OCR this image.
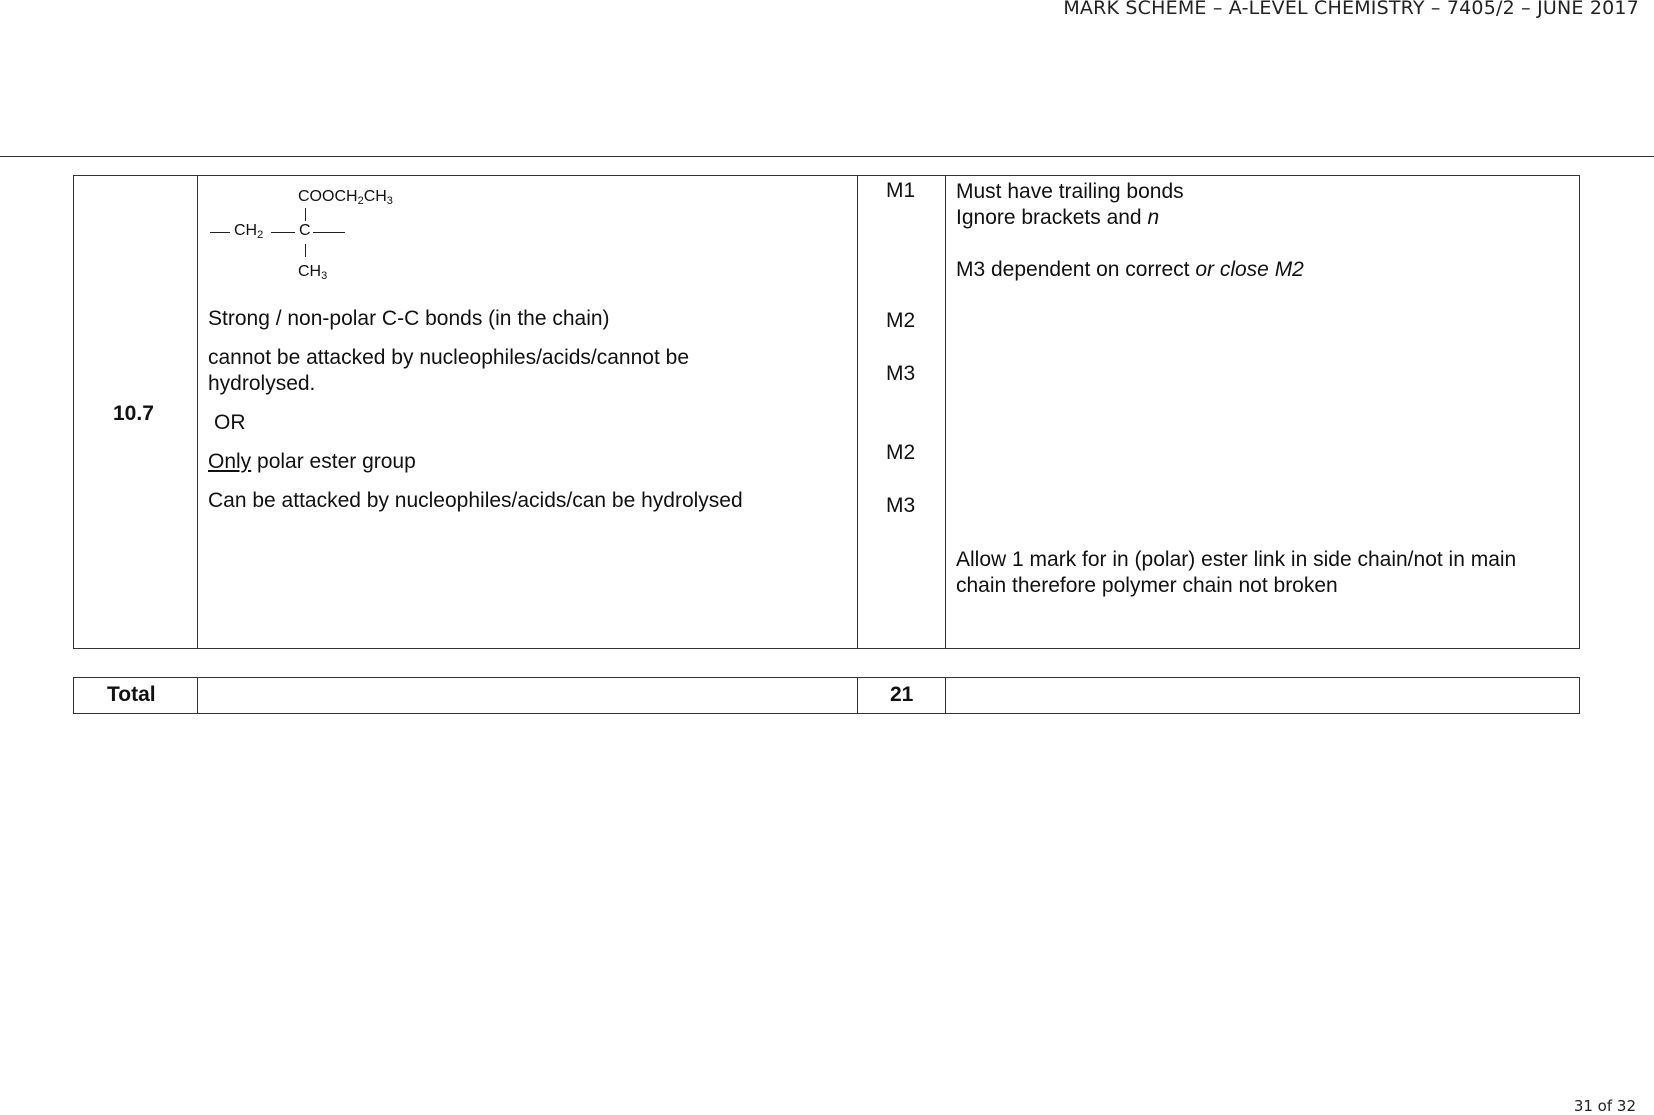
MARK SCHEME – A-LEVEL CHEMISTRY – 7405/2 – JUNE 2017
10.7
$COOCH_2CH_3$
$CH_2$ C
$CH_3$
Strong / non-polar C-C bonds (in the chain)
cannot be attacked by nucleophiles/acids/cannot be
hydrolysed.
OR
Only polar ester group
Can be attacked by nucleophiles/acids/can be hydrolysed
M1
M2
M3
M2
M3
Must have trailing bonds
Ignore brackets and n
M3 dependent on correct or close M2
Allow 1 mark for in (polar) ester link in side chain/not in main
chain therefore polymer chain not broken
Total	21
31 of 32
